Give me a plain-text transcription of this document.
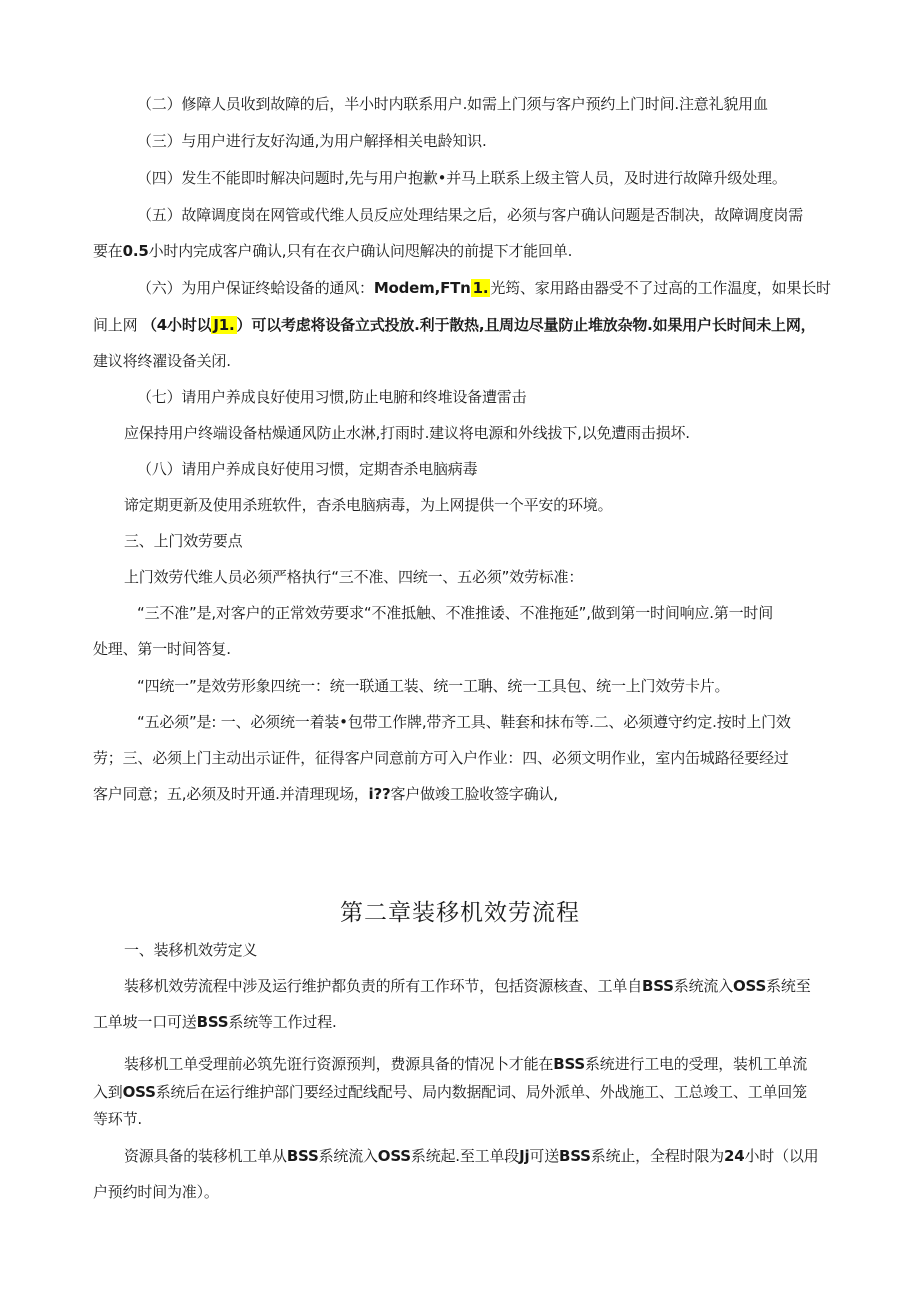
（二）修障人员收到故障的后，半小时内联系用户.如需上门须与客户预约上门时间.注意礼貌用血
（三）与用户进行友好沟通,为用户解择相关电龄知识.
（四）发生不能即时解决问题时,先与用户抱歉•并马上联系上级主管人员，及时进行故障升级处理。
（五）故障调度岗在网管或代维人员反应处理结果之后，必须与客户确认问题是否制决，故障调度岗需
要在0.5小时内完成客户确认,只有在衣户确认问咫解决的前提下才能回单.
（六）为用户保证终蛤设备的通风：Modem,FTn 1. 光筠、家用路由器受不了过高的工作温度，如果长时
间上网 （4小时以 J1. ）可以考虑将设备立式投放.利于散热,且周边尽量防止堆放杂物.如果用户长时间未上网，
建议将终濯设备关闭.
（七）请用户养成良好使用习惯,防止电腑和终堆设备遭雷击
应保持用户终端设备枯燥通风防止水淋,打雨时.建议将电源和外线拔下,以免遭雨击损坏.
（八）请用户养成良好使用习惯，定期杳杀电脑病毒
谛定期更新及使用杀班软件，杳杀电脑病毒，为上网提供一个平安的环境。
三、上门效劳要点
上门效劳代维人员必须严格执行“三不准、四统一、五必须”效劳标准：
“三不准”是,对客户的正常效劳要求“不准抵触、不准推诿、不准拖延”,做到第一时间响应.第一时间
处理、第一时间答复.
“四统一”是效劳形象四统一：统一联通工装、统一工聃、统一工具包、统一上门效劳卡片。
“五必须”是: 一、必须统一着装•包带工作牌,带齐工具、鞋套和抹布等.二、必须遵守约定.按时上门效
劳；三、必须上门主动出示证件，征得客户同意前方可入户作业：四、必须文明作业，室内缶城路径要经过
客户同意；五,必须及时开通.并清理现场，i??客户做竣工脸收签字确认,
第二章装移机效劳流程
一、装移机效劳定义
装移机效劳流程中涉及运行维护都负责的所有工作环节，包括资源核查、工单自BSS系统流入OSS系统至
工单坡一口可送BSS系统等工作过程.
装移机工单受理前必筑先诳行资源预判，费源具备的情况卜才能在BSS系统进行工电的受理，装机工单流
入到OSS系统后在运行维护部门要经过配线配号、局内数据配词、局外派单、外战施工、工总竣工、工单回笼
等环节.
资源具备的装移机工单从BSS系统流入OSS系统起.至工单段Jj可送BSS系统止，全程时限为24小时（以用
户预约时间为准）。
